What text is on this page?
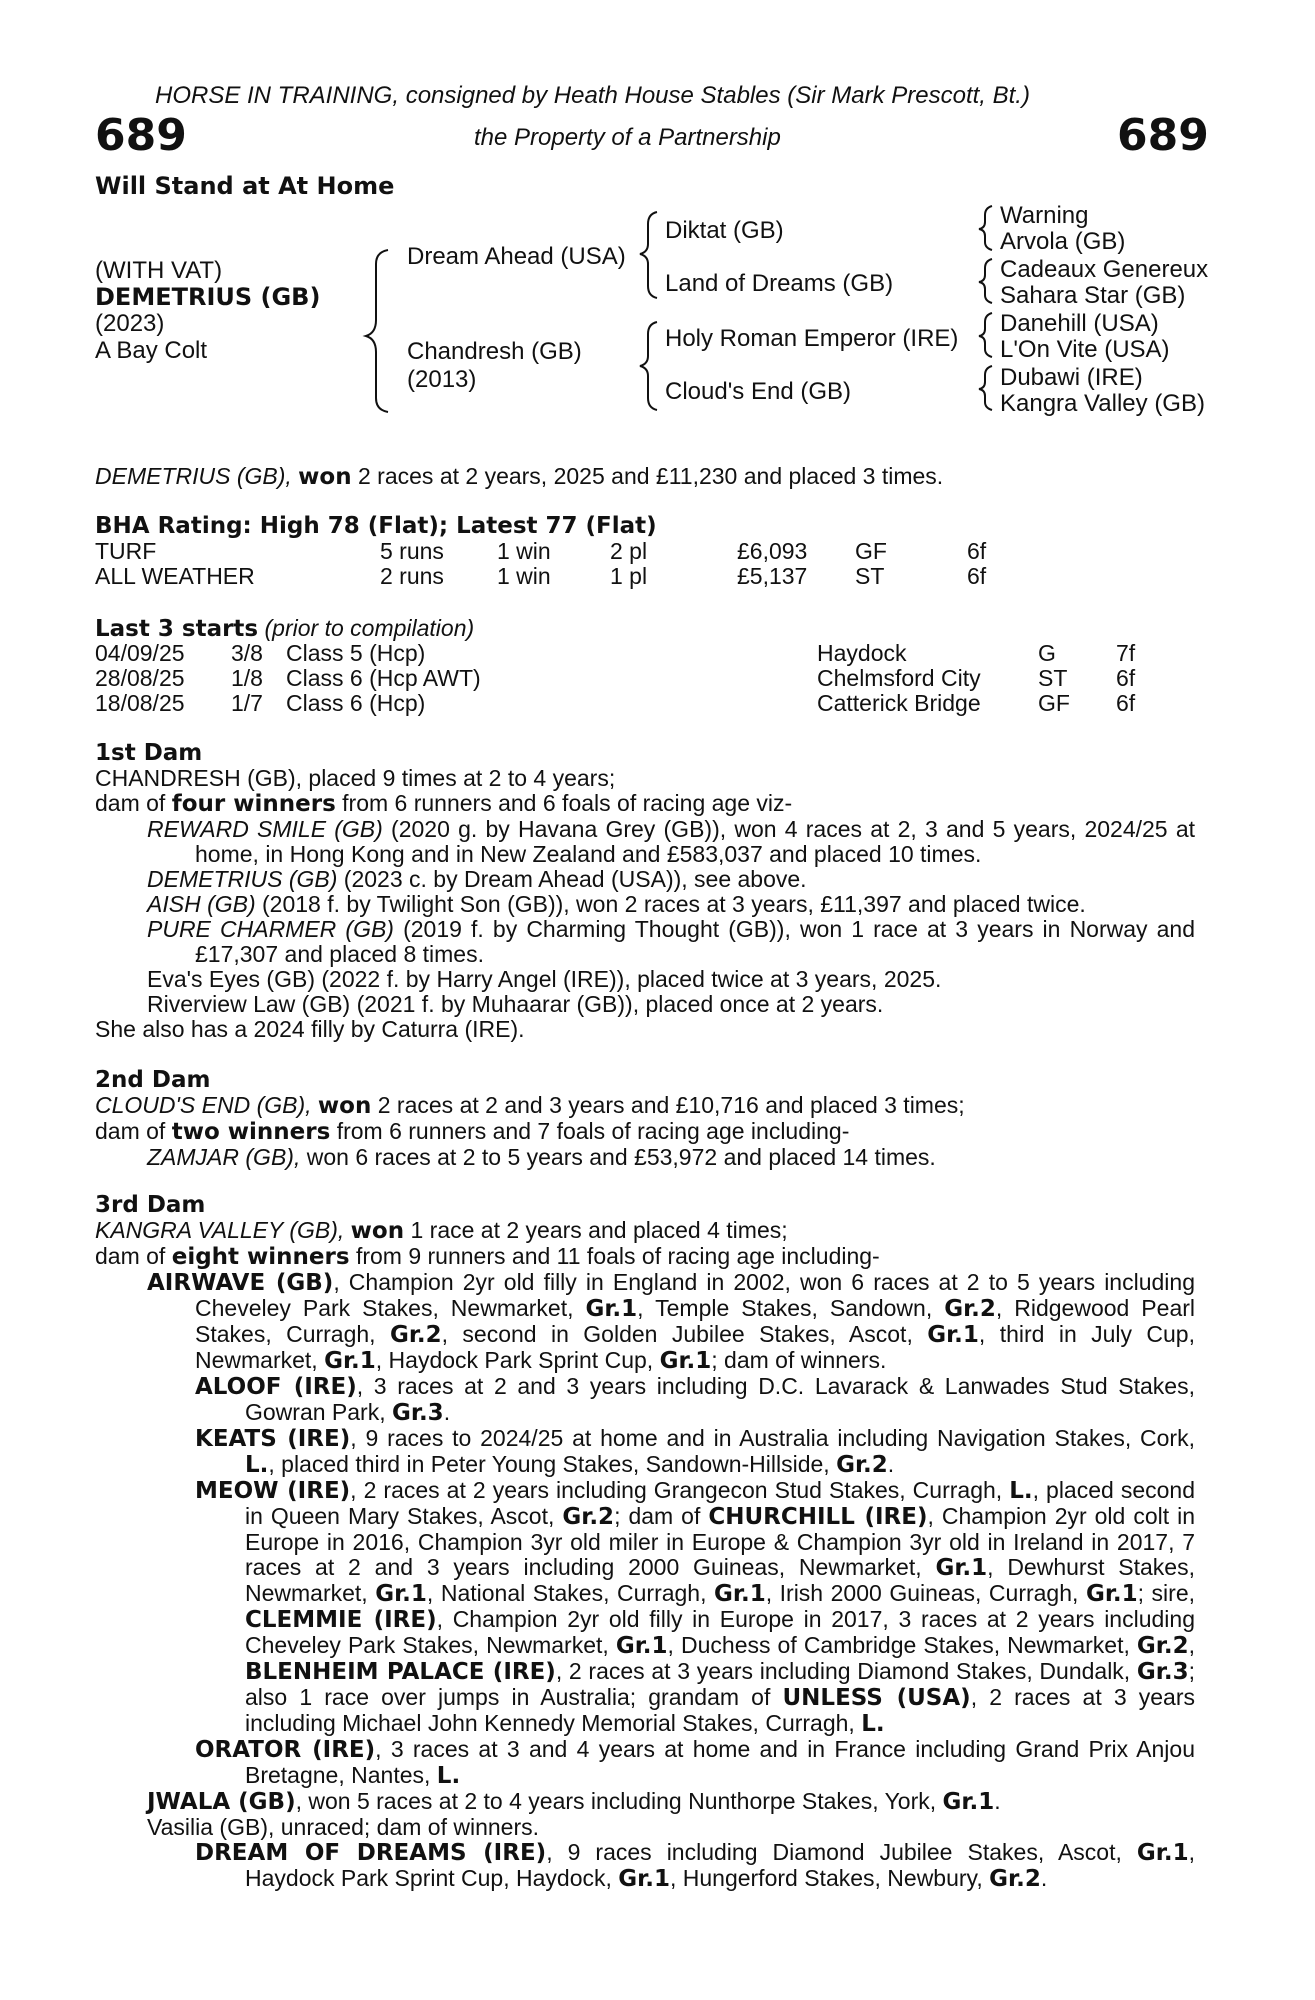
HORSE IN TRAINING, consigned by Heath House Stables (Sir Mark Prescott, Bt.)
689	the Property of a Partnership	689
Will Stand at At Home
(WITH VAT)
DEMETRIUS (GB)
(2023)
A Bay Colt
Dream Ahead (USA)
Chandresh (GB)
(2013)
Diktat (GB)
Land of Dreams (GB)
Holy Roman Emperor (IRE)
Cloud's End (GB)
Warning
Arvola (GB)
Cadeaux Genereux
Sahara Star (GB)
Danehill (USA)
L'On Vite (USA)
Dubawi (IRE)
Kangra Valley (GB)
DEMETRIUS (GB), won 2 races at 2 years, 2025 and £11,230 and placed 3 times.
BHA Rating: High 78 (Flat); Latest 77 (Flat)
TURF	5 runs 1 win	2 pl	£6,093 GF	6f
ALL WEATHER	2 runs 1 win	1 pl	£5,137 ST	6f
Last 3 starts (prior to compilation)
04/09/25 3/8 Class 5 (Hcp)	Haydock	G	7f
28/08/25 1/8 Class 6 (Hcp AWT)	Chelmsford City ST 6f
18/08/25 1/7 Class 6 (Hcp)	Catterick Bridge GF 6f

1st Dam

CHANDRESH (GB), placed 9 times at 2 to 4 years;

dam of four winners from 6 runners and 6 foals of racing age viz-

REWARD SMILE (GB) (2020 g. by Havana Grey (GB)), won 4 races at 2, 3 and 5 years, 2024/25 at home, in Hong Kong and in New Zealand and £583,037 and placed 10 times.

DEMETRIUS (GB) (2023 c. by Dream Ahead (USA)), see above.

AISH (GB) (2018 f. by Twilight Son (GB)), won 2 races at 3 years, £11,397 and placed twice.

PURE CHARMER (GB) (2019 f. by Charming Thought (GB)), won 1 race at 3 years in Norway and £17,307 and placed 8 times.

Eva's Eyes (GB) (2022 f. by Harry Angel (IRE)), placed twice at 3 years, 2025.

Riverview Law (GB) (2021 f. by Muhaarar (GB)), placed once at 2 years.

She also has a 2024 filly by Caturra (IRE).

2nd Dam

CLOUD'S END (GB), won 2 races at 2 and 3 years and £10,716 and placed 3 times;

dam of two winners from 6 runners and 7 foals of racing age including-

ZAMJAR (GB), won 6 races at 2 to 5 years and £53,972 and placed 14 times.

3rd Dam

KANGRA VALLEY (GB), won 1 race at 2 years and placed 4 times;

dam of eight winners from 9 runners and 11 foals of racing age including-

AIRWAVE (GB), Champion 2yr old filly in England in 2002, won 6 races at 2 to 5 years including Cheveley Park Stakes, Newmarket, Gr.1, Temple Stakes, Sandown, Gr.2, Ridgewood Pearl Stakes, Curragh, Gr.2, second in Golden Jubilee Stakes, Ascot, Gr.1, third in July Cup, Newmarket, Gr.1, Haydock Park Sprint Cup, Gr.1; dam of winners.

ALOOF (IRE), 3 races at 2 and 3 years including D.C. Lavarack & Lanwades Stud Stakes, Gowran Park, Gr.3.

KEATS (IRE), 9 races to 2024/25 at home and in Australia including Navigation Stakes, Cork, L., placed third in Peter Young Stakes, Sandown-Hillside, Gr.2.

MEOW (IRE), 2 races at 2 years including Grangecon Stud Stakes, Curragh, L., placed second in Queen Mary Stakes, Ascot, Gr.2; dam of CHURCHILL (IRE), Champion 2yr old colt in Europe in 2016, Champion 3yr old miler in Europe & Champion 3yr old in Ireland in 2017, 7 races at 2 and 3 years including 2000 Guineas, Newmarket, Gr.1, Dewhurst Stakes, Newmarket, Gr.1, National Stakes, Curragh, Gr.1, Irish 2000 Guineas, Curragh, Gr.1; sire, CLEMMIE (IRE), Champion 2yr old filly in Europe in 2017, 3 races at 2 years including Cheveley Park Stakes, Newmarket, Gr.1, Duchess of Cambridge Stakes, Newmarket, Gr.2, BLENHEIM PALACE (IRE), 2 races at 3 years including Diamond Stakes, Dundalk, Gr.3; also 1 race over jumps in Australia; grandam of UNLESS (USA), 2 races at 3 years including Michael John Kennedy Memorial Stakes, Curragh, L.

ORATOR (IRE), 3 races at 3 and 4 years at home and in France including Grand Prix Anjou Bretagne, Nantes, L.

JWALA (GB), won 5 races at 2 to 4 years including Nunthorpe Stakes, York, Gr.1.

Vasilia (GB), unraced; dam of winners.

DREAM OF DREAMS (IRE), 9 races including Diamond Jubilee Stakes, Ascot, Gr.1, Haydock Park Sprint Cup, Haydock, Gr.1, Hungerford Stakes, Newbury, Gr.2.
